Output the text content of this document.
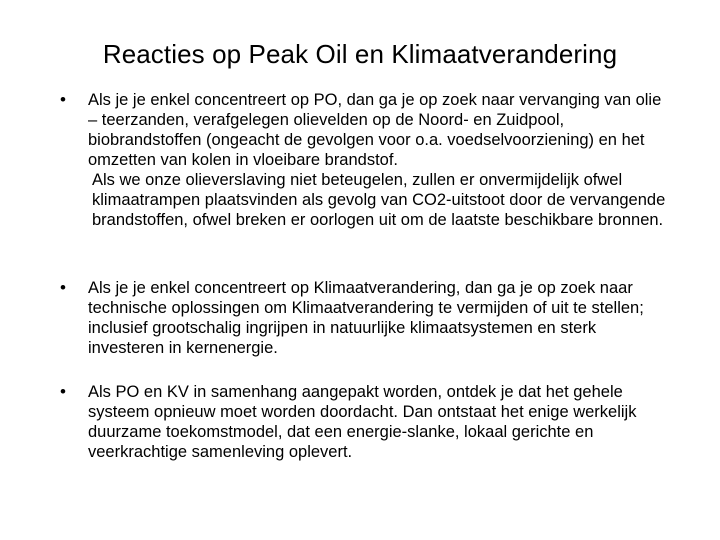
Reacties op Peak Oil en Klimaatverandering
• Als je je enkel concentreert op PO, dan ga je op zoek naar vervanging van olie – teerzanden, verafgelegen olievelden op de Noord- en Zuidpool, biobrandstoffen (ongeacht de gevolgen voor o.a. voedselvoorziening) en het omzetten van kolen in vloeibare brandstof.
Als we onze olieverslaving niet beteugelen, zullen er onvermijdelijk ofwel klimaatrampen plaatsvinden als gevolg van CO2-uitstoot door de vervangende brandstoffen, ofwel breken er oorlogen uit om de laatste beschikbare bronnen.
• Als je je enkel concentreert op Klimaatverandering, dan ga je op zoek naar technische oplossingen om Klimaatverandering te vermijden of uit te stellen; inclusief grootschalig ingrijpen in natuurlijke klimaatsystemen en sterk investeren in kernenergie.
• Als PO en KV in samenhang aangepakt worden, ontdek je dat het gehele systeem opnieuw moet worden doordacht. Dan ontstaat het enige werkelijk duurzame toekomstmodel, dat een energie-slanke, lokaal gerichte en veerkrachtige samenleving oplevert.
